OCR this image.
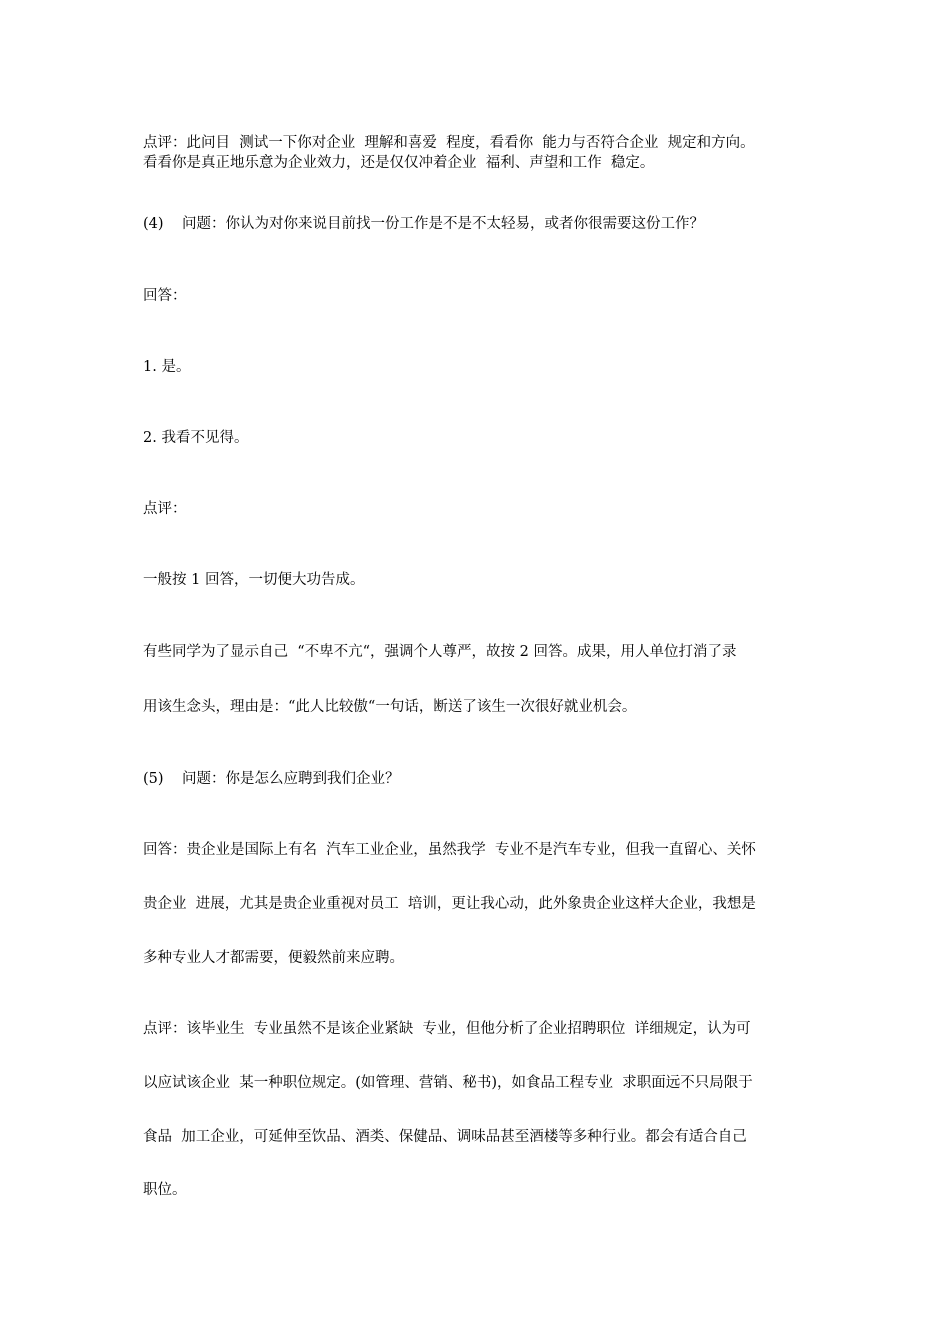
点评：此问目  测试一下你对企业  理解和喜爱  程度，看看你  能力与否符合企业  规定和方向。

看看你是真正地乐意为企业效力，还是仅仅冲着企业  福利、声望和工作  稳定。

(4)    问题：你认为对你来说目前找一份工作是不是不太轻易，或者你很需要这份工作？

回答：

1. 是。

2. 我看不见得。

点评：

一般按 1 回答，一切便大功告成。

有些同学为了显示自己  “不卑不亢“，强调个人尊严，故按 2 回答。成果，用人单位打消了录

用该生念头，理由是：“此人比较傲“一句话，断送了该生一次很好就业机会。

(5)    问题：你是怎么应聘到我们企业？

回答：贵企业是国际上有名  汽车工业企业，虽然我学  专业不是汽车专业，但我一直留心、关怀

贵企业  进展，尤其是贵企业重视对员工  培训，更让我心动，此外象贵企业这样大企业，我想是

多种专业人才都需要，便毅然前来应聘。

点评：该毕业生  专业虽然不是该企业紧缺  专业，但他分析了企业招聘职位  详细规定，认为可

以应试该企业  某一种职位规定。(如管理、营销、秘书)，如食品工程专业  求职面远不只局限于

食品  加工企业，可延伸至饮品、酒类、保健品、调味品甚至酒楼等多种行业。都会有适合自己

职位。
